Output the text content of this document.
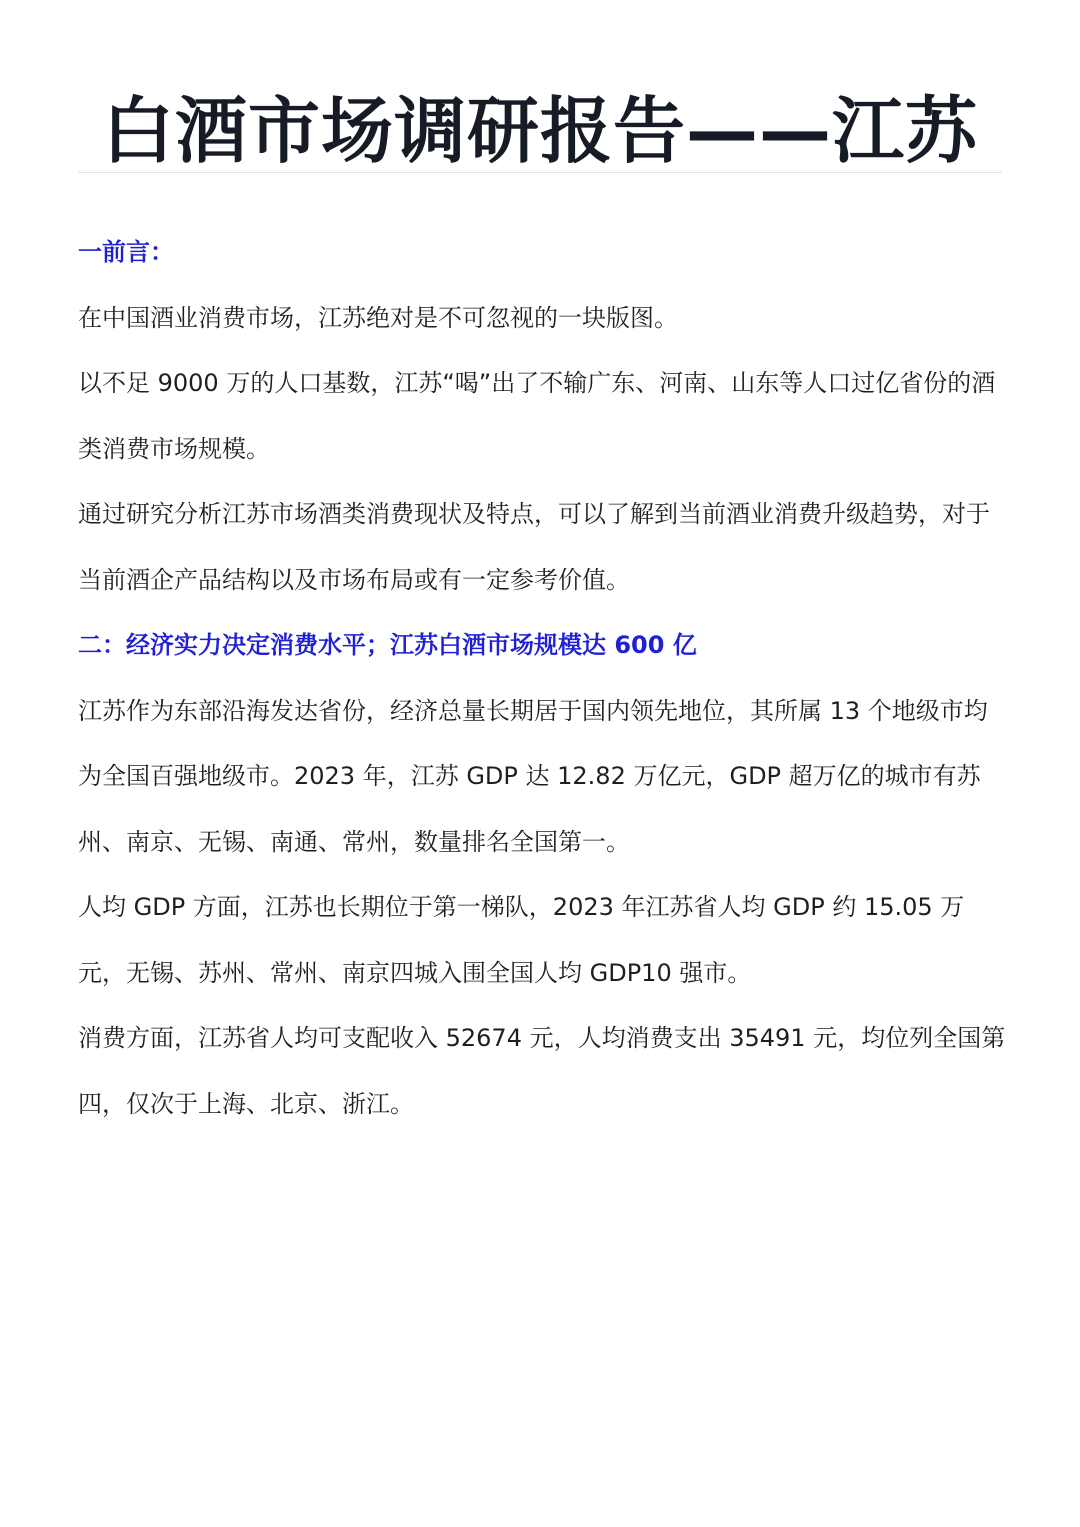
白酒市场调研报告——江苏
一前言：

在中国酒业消费市场，江苏绝对是不可忽视的一块版图。

以不足 9000 万的人口基数，江苏“喝”出了不输广东、河南、山东等人口过亿省份的酒类消费市场规模。

通过研究分析江苏市场酒类消费现状及特点，可以了解到当前酒业消费升级趋势，对于当前酒企产品结构以及市场布局或有一定参考价值。

二：经济实力决定消费水平；江苏白酒市场规模达 600 亿

江苏作为东部沿海发达省份，经济总量长期居于国内领先地位，其所属 13 个地级市均为全国百强地级市。2023 年，江苏 GDP 达 12.82 万亿元，GDP 超万亿的城市有苏州、南京、无锡、南通、常州，数量排名全国第一。

人均 GDP 方面，江苏也长期位于第一梯队，2023 年江苏省人均 GDP 约 15.05 万元，无锡、苏州、常州、南京四城入围全国人均 GDP10 强市。

消费方面，江苏省人均可支配收入 52674 元，人均消费支出 35491 元，均位列全国第四，仅次于上海、北京、浙江。
